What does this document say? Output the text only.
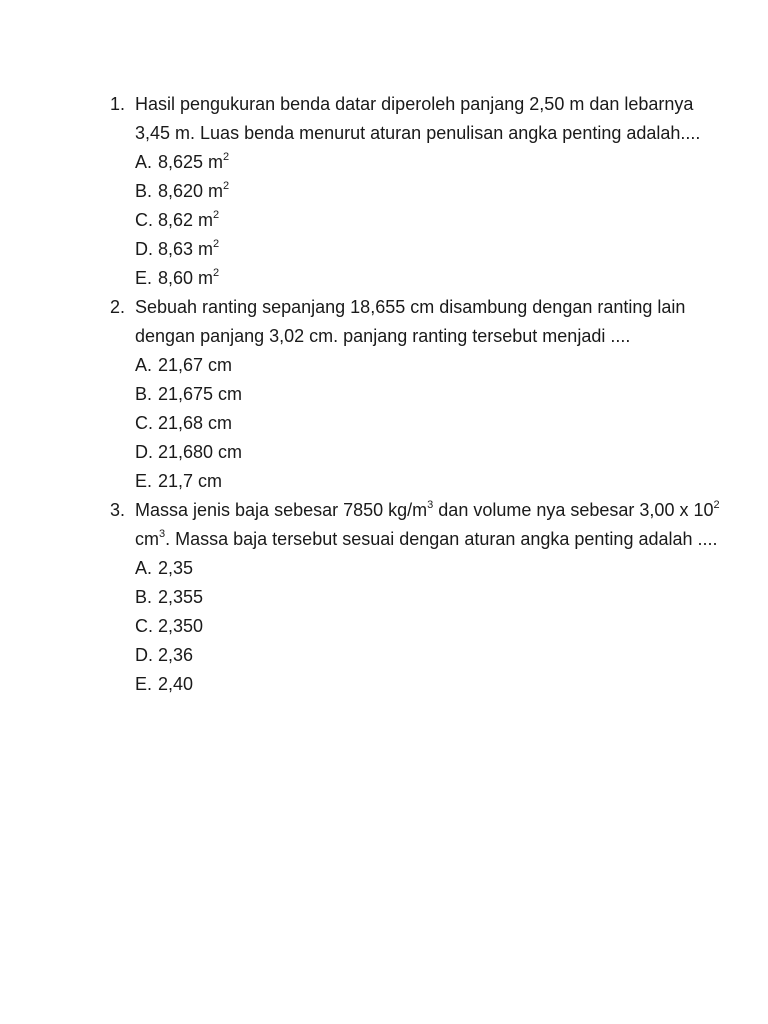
1. Hasil pengukuran benda datar diperoleh panjang 2,50 m dan lebarnya 3,45 m. Luas benda menurut aturan penulisan angka penting adalah....

A. 8,625 $m^2$
B. 8,620 $m^2$
C. 8,62 $m^2$
D. 8,63 $m^2$
E. 8,60 $m^2$
2. Sebuah ranting sepanjang 18,655 cm disambung dengan ranting lain dengan panjang 3,02 cm. panjang ranting tersebut menjadi ....

A. 21,67 cm
B. 21,675 cm
C. 21,68 cm
D. 21,680 cm
E. 21,7 cm
3. Massa jenis baja sebesar 7850 $kg/m^3$ dan volume nya sebesar 3,00 x $10^2$ $cm^3$. Massa baja tersebut sesuai dengan aturan angka penting adalah ....

A. 2,35
B. 2,355
C. 2,350
D. 2,36
E. 2,40
